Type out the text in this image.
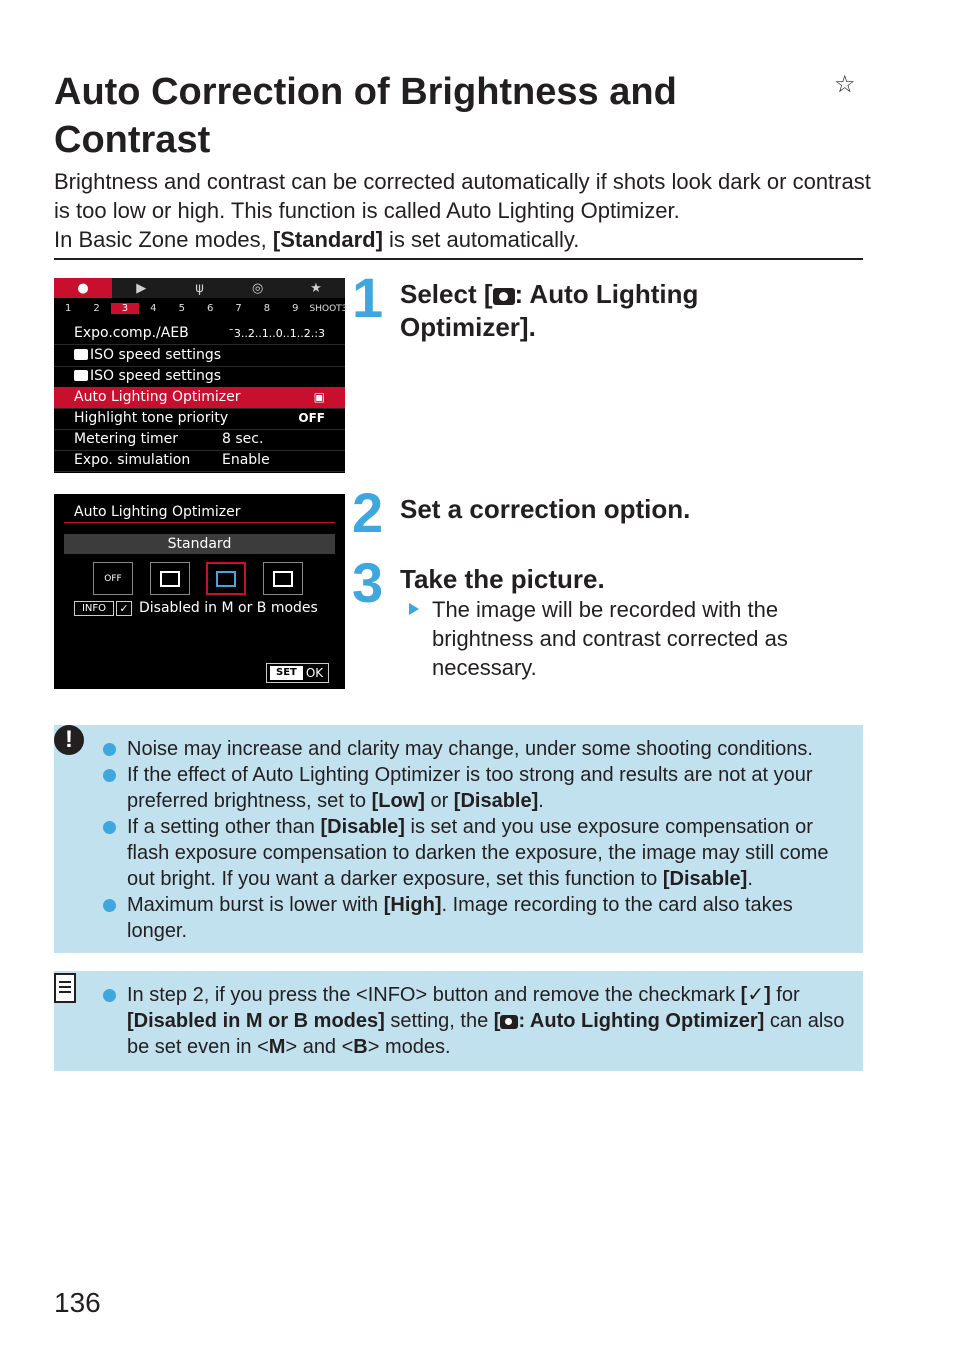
Auto Correction of Brightness and Contrast
☆

Brightness and contrast can be corrected automatically if shots look dark or contrast is too low or high. This function is called Auto Lighting Optimizer.

In Basic Zone modes, [Standard] is set automatically.

●	▶	ψ	◎	★
1	2	3	4	5	6	7	8	9	SHOOT3
Expo.comp./AEB	¯3..2..1..0..1..2.:3
ISO speed settings
ISO speed settings
Auto Lighting Optimizer	▣
Highlight tone priority	OFF
Metering timer	8 sec.
Expo. simulation Enable
Auto Lighting Optimizer
Standard
OFF
INFO	✓ Disabled in M or B modes
SET OK
1 Select [ : Auto Lighting Optimizer].
2 Set a correction option.
3 Take the picture.
The image will be recorded with the brightness and contrast corrected as necessary.
!	Noise may increase and clarity may change, under some shooting conditions.
If the effect of Auto Lighting Optimizer is too strong and results are not at your preferred brightness, set to [Low] or [Disable].
If a setting other than [Disable] is set and you use exposure compensation or flash exposure compensation to darken the exposure, the image may still come out bright. If you want a darker exposure, set this function to [Disable].
Maximum burst is lower with [High]. Image recording to the card also takes longer.
In step 2, if you press the <INFO> button and remove the checkmark [✓] for [Disabled in M or B modes] setting, the [ : Auto Lighting Optimizer] can also be set even in <M> and <B> modes.
136
